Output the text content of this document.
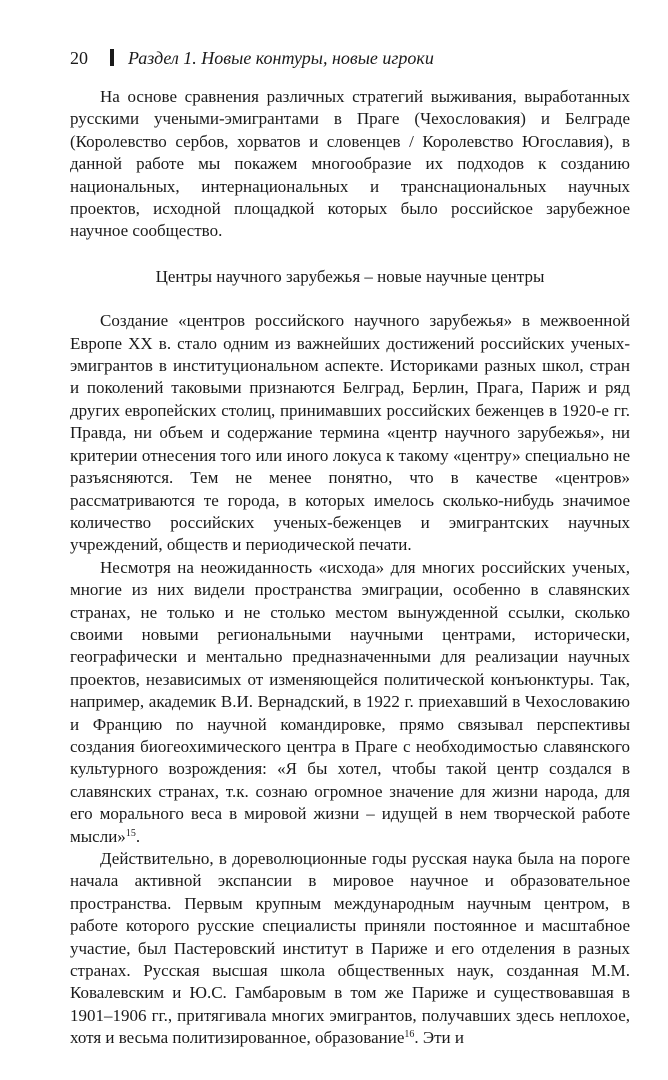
20 Раздел 1. Новые контуры, новые игроки

На основе сравнения различных стратегий выживания, выработанных русскими учеными-эмигрантами в Праге (Чехословакия) и Белграде (Королевство сербов, хорватов и словенцев / Королевство Югославия), в данной работе мы покажем многообразие их подходов к созданию национальных, интернациональных и транснациональных научных проектов, исходной площадкой которых было российское зарубежное научное сообщество.

Центры научного зарубежья – новые научные центры

Создание «центров российского научного зарубежья» в межвоенной Европе XX в. стало одним из важнейших достижений российских ученых-эмигрантов в институциональном аспекте. Историками разных школ, стран и поколений таковыми признаются Белград, Берлин, Прага, Париж и ряд других европейских столиц, принимавших российских беженцев в 1920-е гг. Правда, ни объем и содержание термина «центр научного зарубежья», ни критерии отнесения того или иного локуса к такому «центру» специально не разъясняются. Тем не менее понятно, что в качестве «центров» рассматриваются те города, в которых имелось сколько-нибудь значимое количество российских ученых-беженцев и эмигрантских научных учреждений, обществ и периодической печати.

Несмотря на неожиданность «исхода» для многих российских ученых, многие из них видели пространства эмиграции, особенно в славянских странах, не только и не столько местом вынужденной ссылки, сколько своими новыми региональными научными центрами, исторически, географически и ментально предназначенными для реализации научных проектов, независимых от изменяющейся политической конъюнктуры. Так, например, академик В.И. Вернадский, в 1922 г. приехавший в Чехословакию и Францию по научной командировке, прямо связывал перспективы создания биогеохимического центра в Праге с необходимостью славянского культурного возрождения: «Я бы хотел, чтобы такой центр создался в славянских странах, т.к. сознаю огромное значение для жизни народа, для его морального веса в мировой жизни – идущей в нем творческой работе мысли»$^{15}$.

Действительно, в дореволюционные годы русская наука была на пороге начала активной экспансии в мировое научное и образовательное пространства. Первым крупным международным научным центром, в работе которого русские специалисты приняли постоянное и масштабное участие, был Пастеровский институт в Париже и его отделения в разных странах. Русская высшая школа общественных наук, созданная М.М. Ковалевским и Ю.С. Гамбаровым в том же Париже и существовавшая в 1901–1906 гг., притягивала многих эмигрантов, получавших здесь неплохое, хотя и весьма политизированное, образование$^{16}$. Эти и
